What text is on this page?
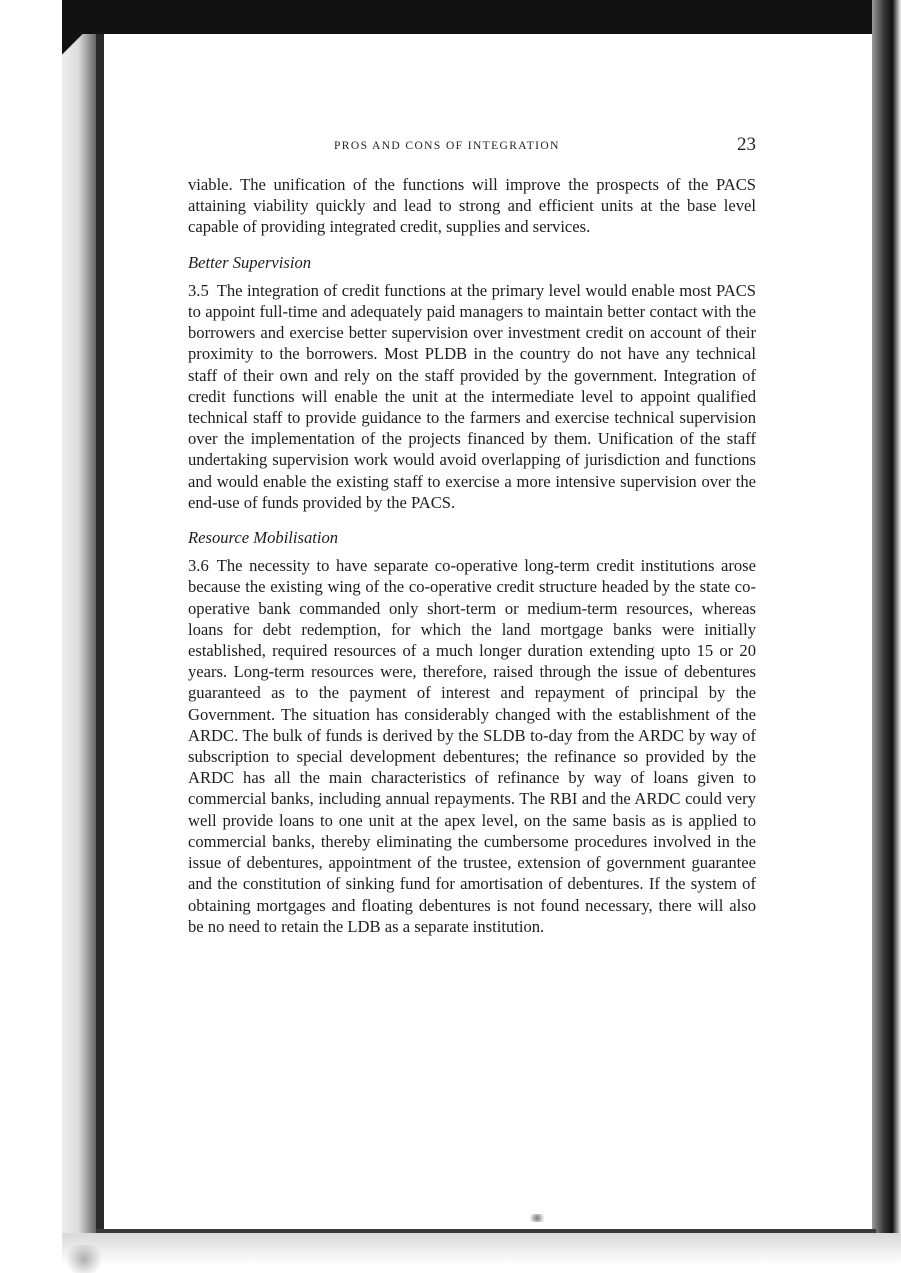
PROS AND CONS OF INTEGRATION	23

viable. The unification of the functions will improve the prospects of the PACS attaining viability quickly and lead to strong and efficient units at the base level capable of providing integrated credit, supplies and services.

Better Supervision

3.5 The integration of credit functions at the primary level would enable most PACS to appoint full-time and adequately paid managers to maintain better contact with the borrowers and exercise better supervision over investment credit on account of their proximity to the borrowers. Most PLDB in the country do not have any technical staff of their own and rely on the staff provided by the government. Integration of credit functions will enable the unit at the intermediate level to appoint qualified technical staff to provide guidance to the farmers and exercise technical supervision over the implementation of the projects financed by them. Unification of the staff undertaking supervision work would avoid overlapping of jurisdiction and functions and would enable the existing staff to exercise a more intensive supervision over the end-use of funds provided by the PACS.

Resource Mobilisation

3.6 The necessity to have separate co-operative long-term credit institutions arose because the existing wing of the co-operative credit structure headed by the state co-operative bank commanded only short-term or medium-term resources, whereas loans for debt redemption, for which the land mortgage banks were initially established, required resources of a much longer duration extending upto 15 or 20 years. Long-term resources were, therefore, raised through the issue of debentures guaranteed as to the payment of interest and repayment of principal by the Government. The situation has considerably changed with the establishment of the ARDC. The bulk of funds is derived by the SLDB to-day from the ARDC by way of subscription to special development debentures; the refinance so provided by the ARDC has all the main characteristics of refinance by way of loans given to commercial banks, including annual repayments. The RBI and the ARDC could very well provide loans to one unit at the apex level, on the same basis as is applied to commercial banks, thereby eliminating the cumbersome procedures involved in the issue of debentures, appointment of the trustee, extension of government guarantee and the constitution of sinking fund for amortisation of debentures. If the system of obtaining mortgages and floating debentures is not found necessary, there will also be no need to retain the LDB as a separate institution.
